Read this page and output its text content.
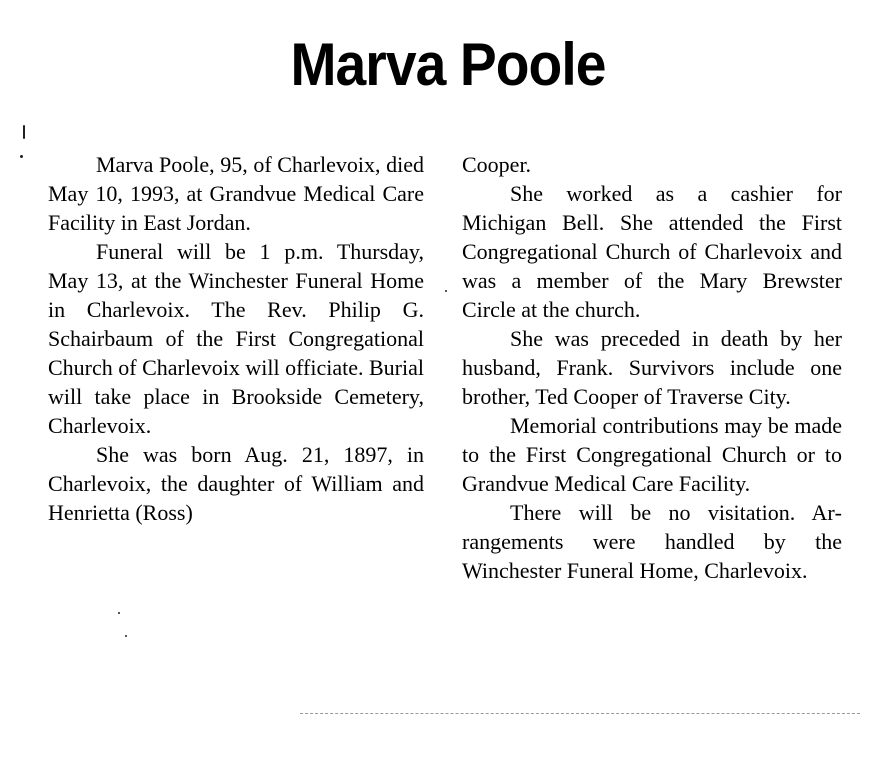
Marva Poole

Marva Poole, 95, of Charlevoix, died May 10, 1993, at Grandvue Medical Care Facility in East Jordan.

Funeral will be 1 p.m. Thursday, May 13, at the Winchester Funeral Home in Charlevoix. The Rev. Philip G. Schairbaum of the First Congregational Church of Charlevoix will officiate. Burial will take place in Brookside Cemetery, Charlevoix.

She was born Aug. 21, 1897, in Charlevoix, the daughter of William and Henrietta (Ross)

Cooper.

She worked as a cashier for Michigan Bell. She attended the First Congregational Church of Charlevoix and was a member of the Mary Brewster Circle at the church.

She was preceded in death by her husband, Frank. Survivors include one brother, Ted Cooper of Traverse City.

Memorial contributions may be made to the First Congregational Church or to Grandvue Medical Care Facility.

There will be no visitation. Arrangements were handled by the Winchester Funeral Home, Charlevoix.
